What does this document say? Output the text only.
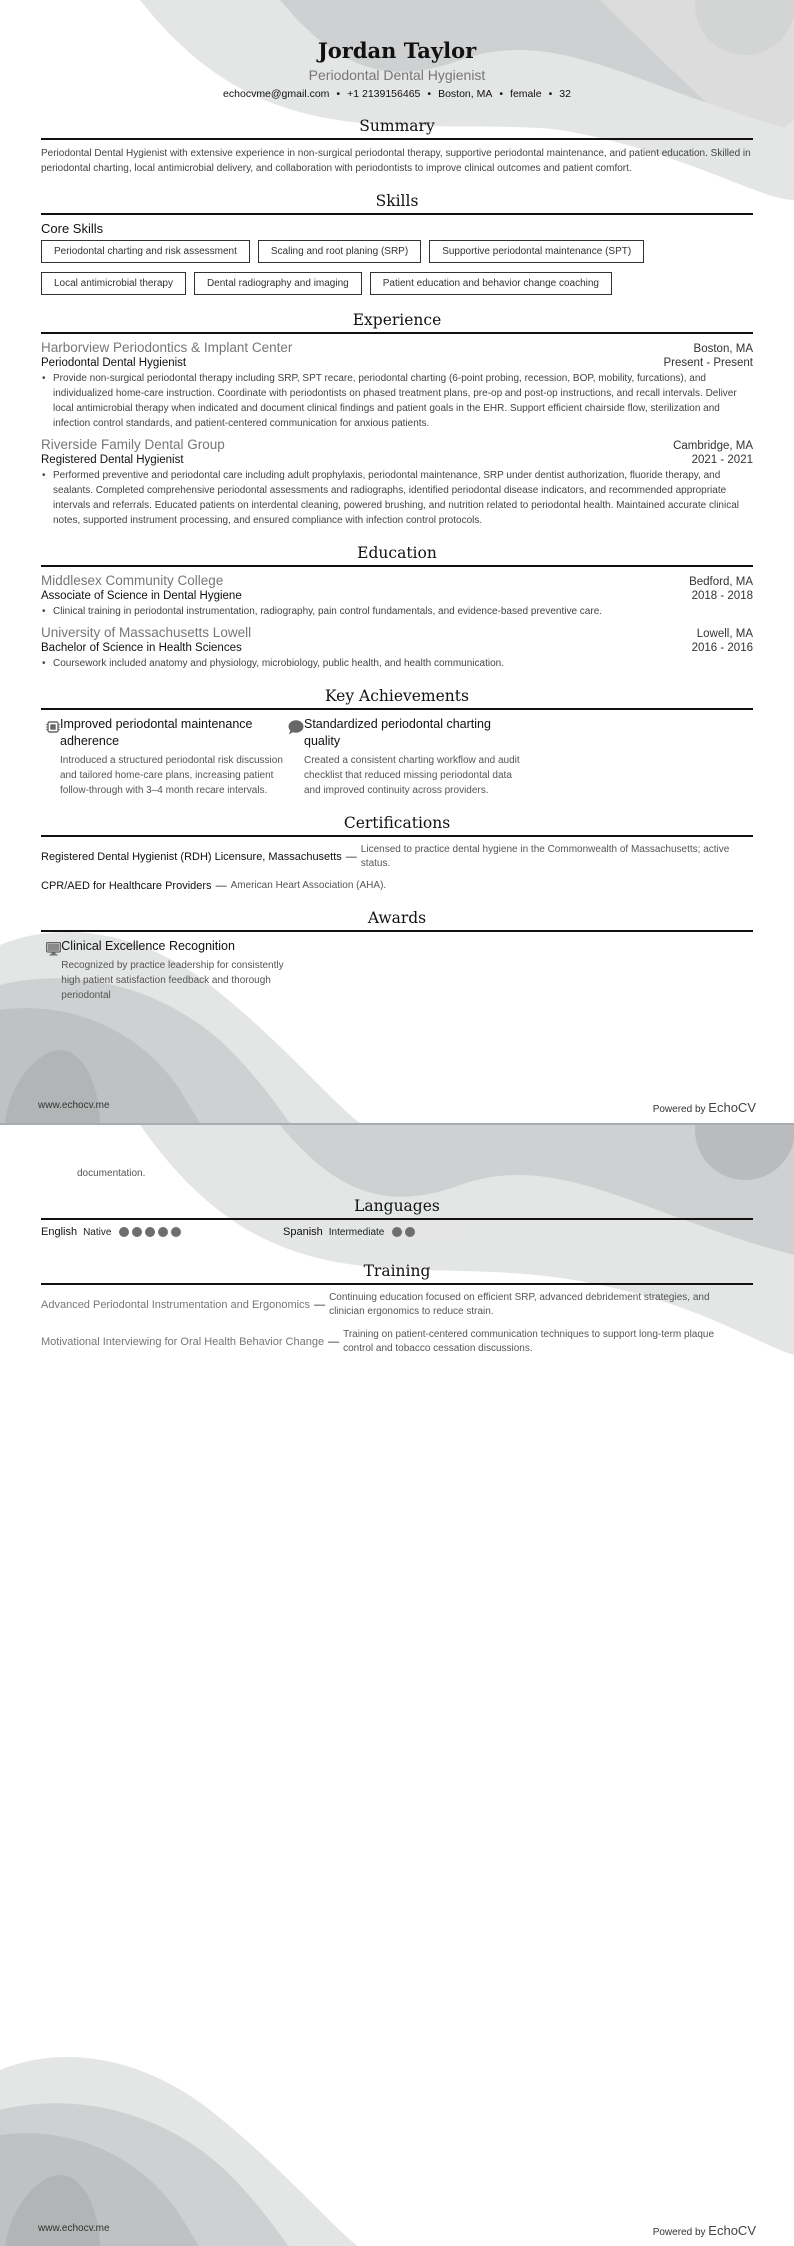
Jordan Taylor
Periodontal Dental Hygienist
echocvme@gmail.com • +1 2139156465 • Boston, MA • female • 32
Summary
Periodontal Dental Hygienist with extensive experience in non-surgical periodontal therapy, supportive periodontal maintenance, and patient education. Skilled in periodontal charting, local antimicrobial delivery, and collaboration with periodontists to improve clinical outcomes and patient comfort.
Skills
Core Skills
Periodontal charting and risk assessment	Scaling and root planing (SRP)	Supportive periodontal maintenance (SPT)
Local antimicrobial therapy	Dental radiography and imaging	Patient education and behavior change coaching
Experience
Harborview Periodontics & Implant Center	Boston, MA
Periodontal Dental Hygienist	Present - Present
• Provide non-surgical periodontal therapy including SRP, SPT recare, periodontal charting (6-point probing, recession, BOP, mobility, furcations), and individualized home-care instruction. Coordinate with periodontists on phased treatment plans, pre-op and post-op instructions, and recall intervals. Deliver local antimicrobial therapy when indicated and document clinical findings and patient goals in the EHR. Support efficient chairside flow, sterilization and infection control standards, and patient-centered communication for anxious patients.
Riverside Family Dental Group	Cambridge, MA
Registered Dental Hygienist	2021 - 2021
• Performed preventive and periodontal care including adult prophylaxis, periodontal maintenance, SRP under dentist authorization, fluoride therapy, and sealants. Completed comprehensive periodontal assessments and radiographs, identified periodontal disease indicators, and recommended appropriate intervals and referrals. Educated patients on interdental cleaning, powered brushing, and nutrition related to periodontal health. Maintained accurate clinical notes, supported instrument processing, and ensured compliance with infection control protocols.
Education
Middlesex Community College	Bedford, MA
Associate of Science in Dental Hygiene	2018 - 2018
• Clinical training in periodontal instrumentation, radiography, pain control fundamentals, and evidence-based preventive care.
University of Massachusetts Lowell	Lowell, MA
Bachelor of Science in Health Sciences	2016 - 2016
• Coursework included anatomy and physiology, microbiology, public health, and health communication.
Key Achievements
Improved periodontal maintenance adherence
Introduced a structured periodontal risk discussion and tailored home-care plans, increasing patient follow-through with 3–4 month recare intervals.
Standardized periodontal charting quality
Created a consistent charting workflow and audit checklist that reduced missing periodontal data and improved continuity across providers.
Certifications
Registered Dental Hygienist (RDH) Licensure, Massachusetts —
Licensed to practice dental hygiene in the Commonwealth of Massachusetts; active status.
CPR/AED for Healthcare Providers — American Heart Association (AHA).
Awards
Clinical Excellence Recognition
Recognized by practice leadership for consistently high patient satisfaction feedback and thorough periodontal
www.echocv.me	Powered by EchoCV
documentation.
Languages
English Native	Spanish Intermediate
Training
Advanced Periodontal Instrumentation and Ergonomics —
Continuing education focused on efficient SRP, advanced debridement strategies, and clinician ergonomics to reduce strain.
Motivational Interviewing for Oral Health Behavior Change —
Training on patient-centered communication techniques to support long-term plaque control and tobacco cessation discussions.
www.echocv.me	Powered by EchoCV
